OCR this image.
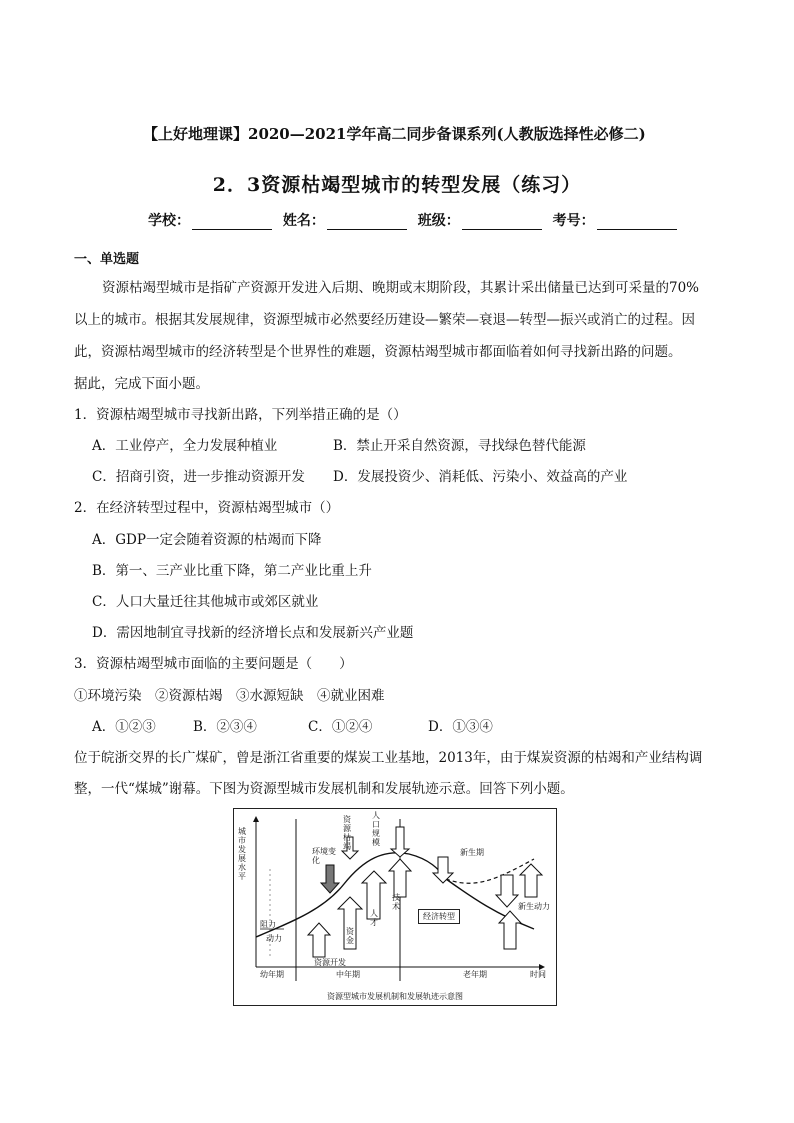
【上好地理课】2020—2021学年高二同步备课系列(人教版选择性必修二)
2．3资源枯竭型城市的转型发展（练习）
学校：	姓名：	班级：	考号：
一、单选题
资源枯竭型城市是指矿产资源开发进入后期、晚期或末期阶段，其累计采出储量已达到可采量的70%
以上的城市。根据其发展规律，资源型城市必然要经历建设—繁荣—衰退—转型—振兴或消亡的过程。因
此，资源枯竭型城市的经济转型是个世界性的难题，资源枯竭型城市都面临着如何寻找新出路的问题。
据此，完成下面小题。
1．资源枯竭型城市寻找新出路，下列举措正确的是（）
A．工业停产，全力发展种植业	B．禁止开采自然资源，寻找绿色替代能源
C．招商引资，进一步推动资源开发 D．发展投资少、消耗低、污染小、效益高的产业
2．在经济转型过程中，资源枯竭型城市（）
A．GDP一定会随着资源的枯竭而下降
B．第一、三产业比重下降，第二产业比重上升
C．人口大量迁往其他城市或郊区就业
D．需因地制宜寻找新的经济增长点和发展新兴产业题
3．资源枯竭型城市面临的主要问题是（　　）
①环境污染　②资源枯竭　③水源短缺　④就业困难
A．①②③	B．②③④	C．①②④	D．①③④
位于皖浙交界的长广煤矿，曾是浙江省重要的煤炭工业基地，2013年，由于煤炭资源的枯竭和产业结构调
整，一代“煤城”谢幕。下图为资源型城市发展机制和发展轨迹示意。回答下列小题。
城市发展水平
时间
幼年期	中年期	老年期
阻力
动力
资源开发
资金
人才
技术
环境变化
资源枯竭
人口规模
经济转型
新生期
新生动力
资源型城市发展机制和发展轨迹示意图
